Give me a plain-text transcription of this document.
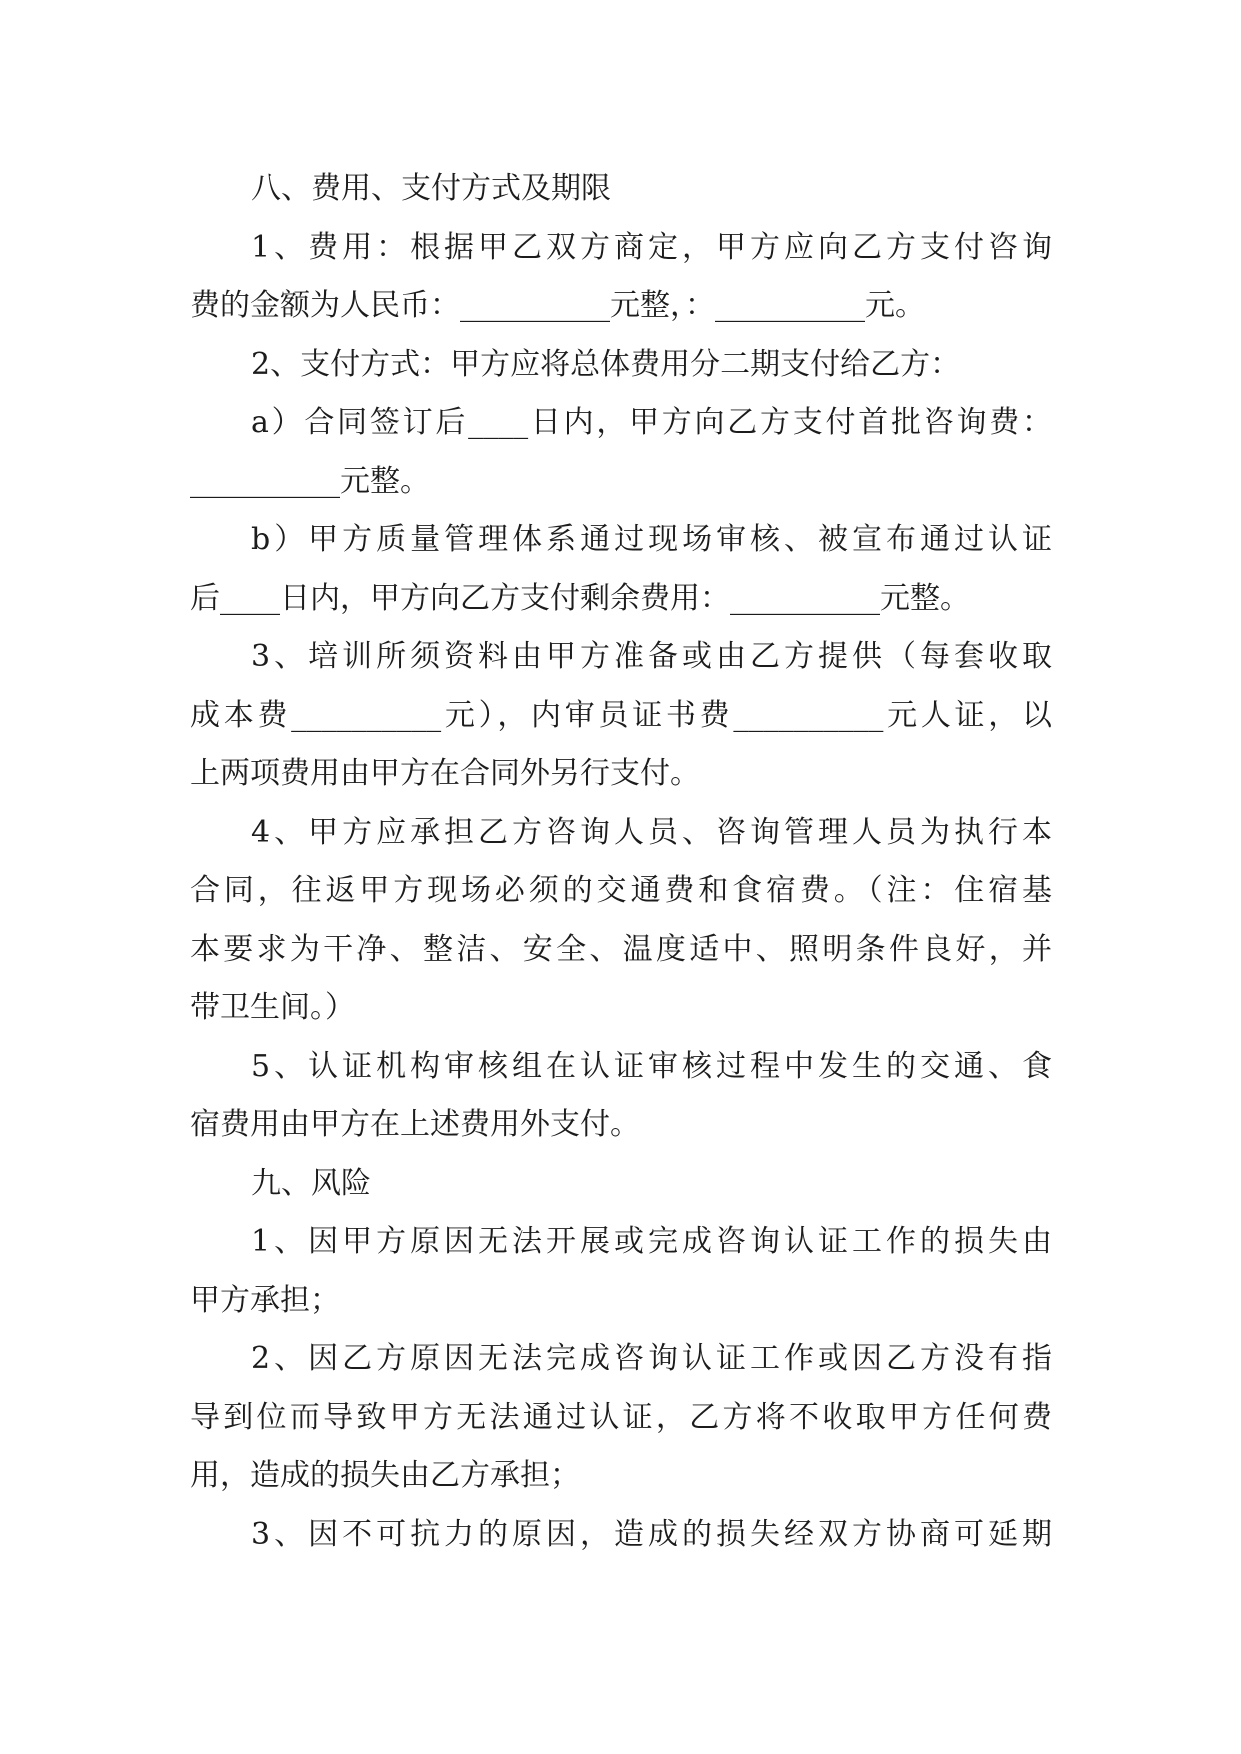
八、费用、支付方式及期限
1、费用：根据甲乙双方商定，甲方应向乙方支付咨询
费的金额为人民币：__________元整，：__________元。
2、支付方式：甲方应将总体费用分二期支付给乙方：
a）合同签订后____日内，甲方向乙方支付首批咨询费：
__________元整。
b）甲方质量管理体系通过现场审核、被宣布通过认证
后____日内，甲方向乙方支付剩余费用：__________元整。
3、培训所须资料由甲方准备或由乙方提供（每套收取
成本费__________元），内审员证书费__________元人证，以
上两项费用由甲方在合同外另行支付。
4、甲方应承担乙方咨询人员、咨询管理人员为执行本
合同，往返甲方现场必须的交通费和食宿费。（注：住宿基
本要求为干净、整洁、安全、温度适中、照明条件良好，并
带卫生间。）
5、认证机构审核组在认证审核过程中发生的交通、食
宿费用由甲方在上述费用外支付。
九、风险
1、因甲方原因无法开展或完成咨询认证工作的损失由
甲方承担；
2、因乙方原因无法完成咨询认证工作或因乙方没有指
导到位而导致甲方无法通过认证，乙方将不收取甲方任何费
用，造成的损失由乙方承担；
3、因不可抗力的原因，造成的损失经双方协商可延期
